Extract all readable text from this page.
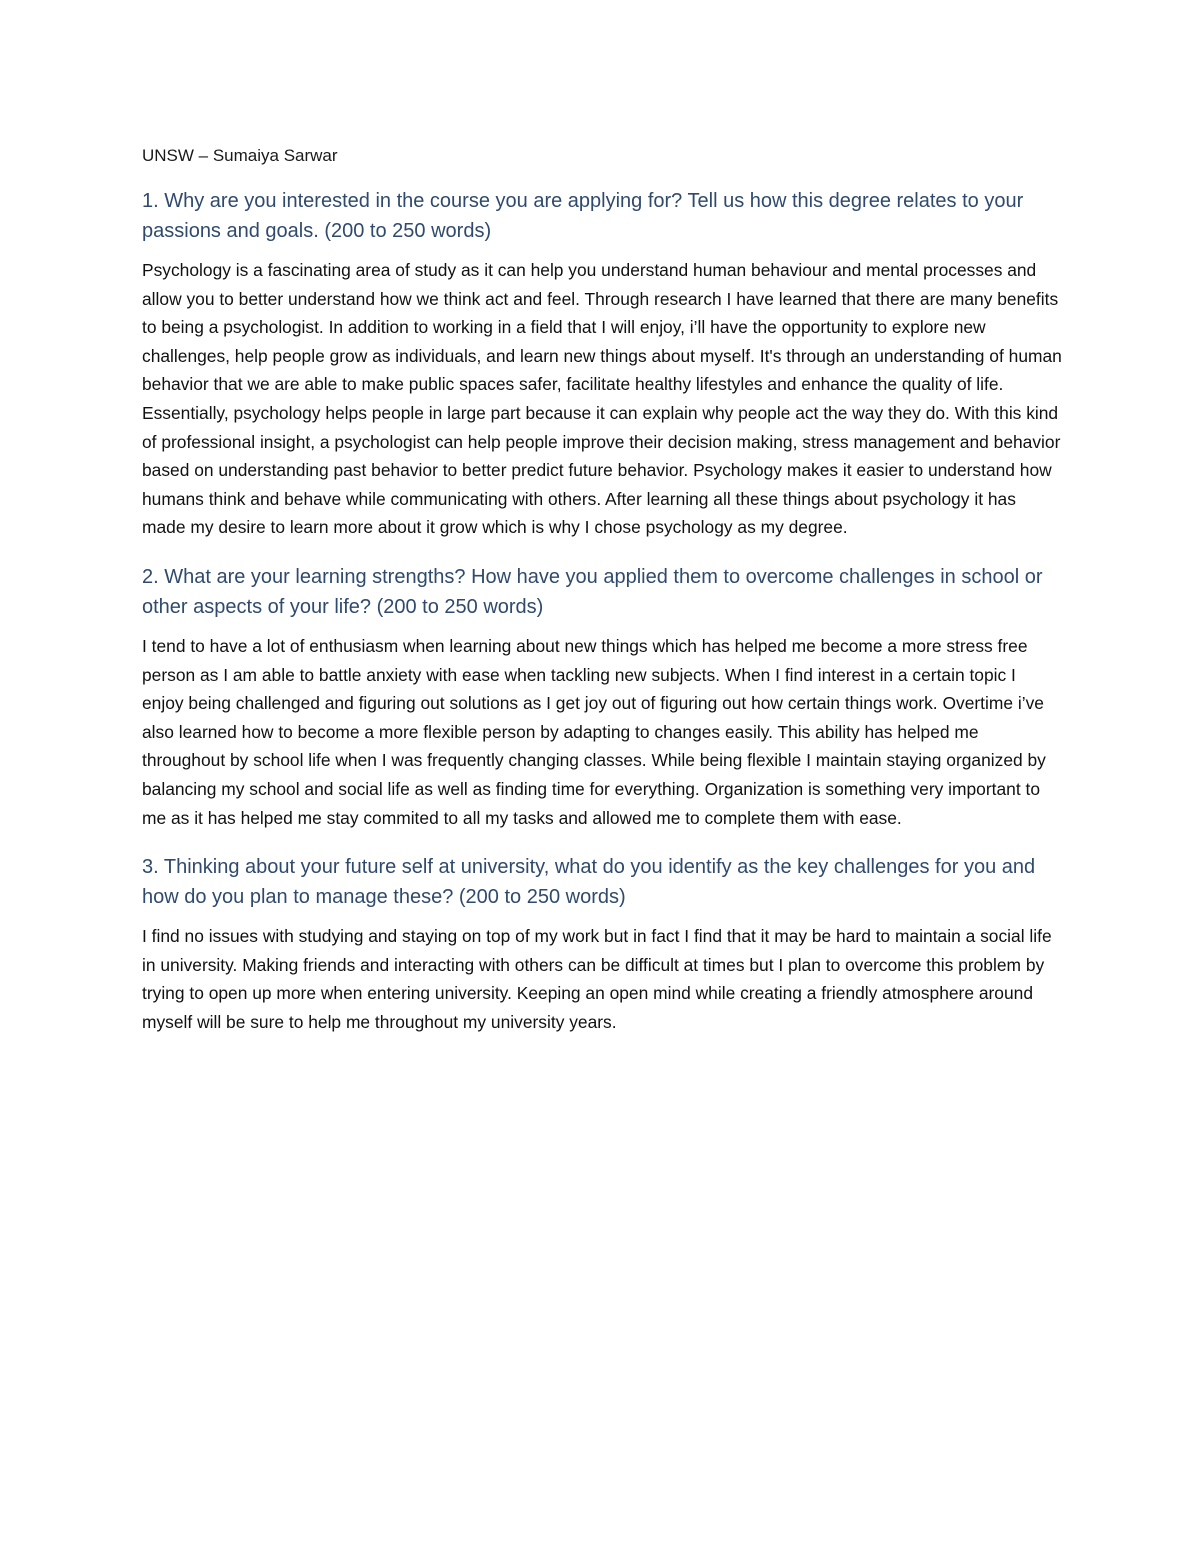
UNSW – Sumaiya Sarwar
1. Why are you interested in the course you are applying for? Tell us how this degree relates to your passions and goals. (200 to 250 words)

Psychology is a fascinating area of study as it can help you understand human behaviour and mental processes and allow you to better understand how we think act and feel. Through research I have learned that there are many benefits to being a psychologist. In addition to working in a field that I will enjoy, i’ll have the opportunity to explore new challenges, help people grow as individuals, and learn new things about myself. It's through an understanding of human behavior that we are able to make public spaces safer, facilitate healthy lifestyles and enhance the quality of life. Essentially, psychology helps people in large part because it can explain why people act the way they do. With this kind of professional insight, a psychologist can help people improve their decision making, stress management and behavior based on understanding past behavior to better predict future behavior. Psychology makes it easier to understand how humans think and behave while communicating with others. After learning all these things about psychology it has made my desire to learn more about it grow which is why I chose psychology as my degree.

2. What are your learning strengths? How have you applied them to overcome challenges in school or other aspects of your life? (200 to 250 words)

I tend to have a lot of enthusiasm when learning about new things which has helped me become a more stress free person as I am able to battle anxiety with ease when tackling new subjects. When I find interest in a certain topic I enjoy being challenged and figuring out solutions as I get joy out of figuring out how certain things work. Overtime i’ve also learned how to become a more flexible person by adapting to changes easily. This ability has helped me throughout by school life when I was frequently changing classes. While being flexible I maintain staying organized by balancing my school and social life as well as finding time for everything. Organization is something very important to me as it has helped me stay commited to all my tasks and allowed me to complete them with ease.

3. Thinking about your future self at university, what do you identify as the key challenges for you and how do you plan to manage these? (200 to 250 words)

I find no issues with studying and staying on top of my work but in fact I find that it may be hard to maintain a social life in university. Making friends and interacting with others can be difficult at times but I plan to overcome this problem by trying to open up more when entering university. Keeping an open mind while creating a friendly atmosphere around myself will be sure to help me throughout my university years.
